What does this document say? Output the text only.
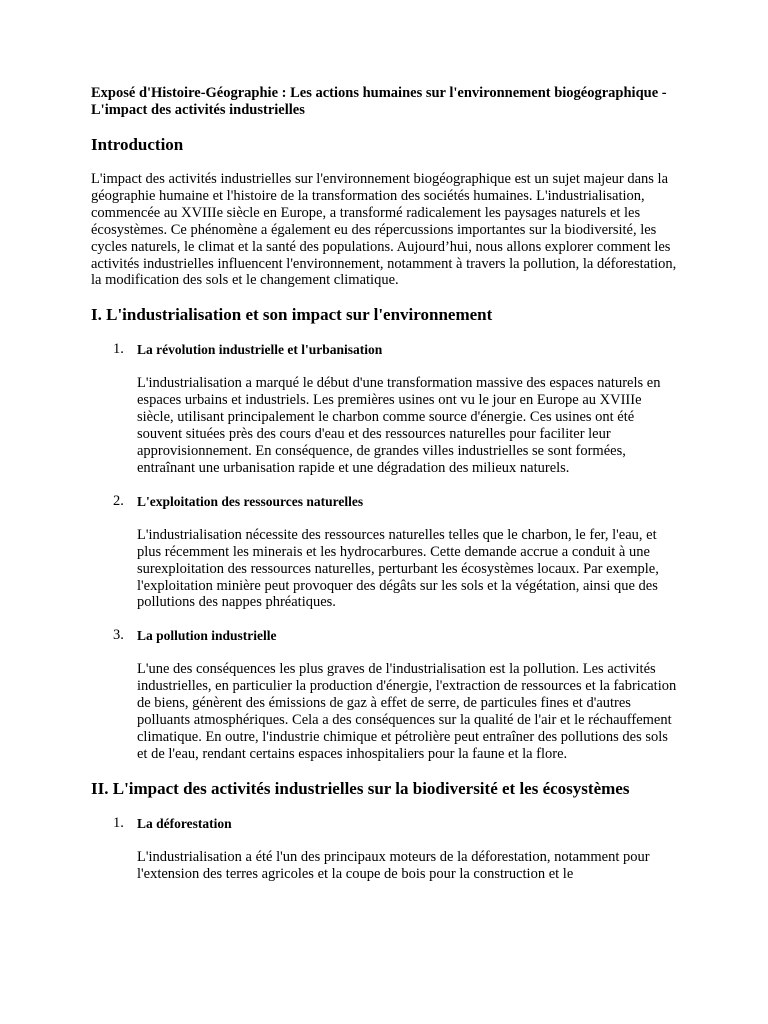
Exposé d'Histoire-Géographie : Les actions humaines sur l'environnement biogéographique - L'impact des activités industrielles
Introduction

L'impact des activités industrielles sur l'environnement biogéographique est un sujet majeur dans la géographie humaine et l'histoire de la transformation des sociétés humaines. L'industrialisation, commencée au XVIIIe siècle en Europe, a transformé radicalement les paysages naturels et les écosystèmes. Ce phénomène a également eu des répercussions importantes sur la biodiversité, les cycles naturels, le climat et la santé des populations. Aujourd’hui, nous allons explorer comment les activités industrielles influencent l'environnement, notamment à travers la pollution, la déforestation, la modification des sols et le changement climatique.

I. L'industrialisation et son impact sur l'environnement
1. La révolution industrielle et l'urbanisation

L'industrialisation a marqué le début d'une transformation massive des espaces naturels en espaces urbains et industriels. Les premières usines ont vu le jour en Europe au XVIIIe siècle, utilisant principalement le charbon comme source d'énergie. Ces usines ont été souvent situées près des cours d'eau et des ressources naturelles pour faciliter leur approvisionnement. En conséquence, de grandes villes industrielles se sont formées, entraînant une urbanisation rapide et une dégradation des milieux naturels.

2. L'exploitation des ressources naturelles

L'industrialisation nécessite des ressources naturelles telles que le charbon, le fer, l'eau, et plus récemment les minerais et les hydrocarbures. Cette demande accrue a conduit à une surexploitation des ressources naturelles, perturbant les écosystèmes locaux. Par exemple, l'exploitation minière peut provoquer des dégâts sur les sols et la végétation, ainsi que des pollutions des nappes phréatiques.

3. La pollution industrielle

L'une des conséquences les plus graves de l'industrialisation est la pollution. Les activités industrielles, en particulier la production d'énergie, l'extraction de ressources et la fabrication de biens, génèrent des émissions de gaz à effet de serre, de particules fines et d'autres polluants atmosphériques. Cela a des conséquences sur la qualité de l'air et le réchauffement climatique. En outre, l'industrie chimique et pétrolière peut entraîner des pollutions des sols et de l'eau, rendant certains espaces inhospitaliers pour la faune et la flore.

II. L'impact des activités industrielles sur la biodiversité et les écosystèmes
1. La déforestation

L'industrialisation a été l'un des principaux moteurs de la déforestation, notamment pour l'extension des terres agricoles et la coupe de bois pour la construction et le
